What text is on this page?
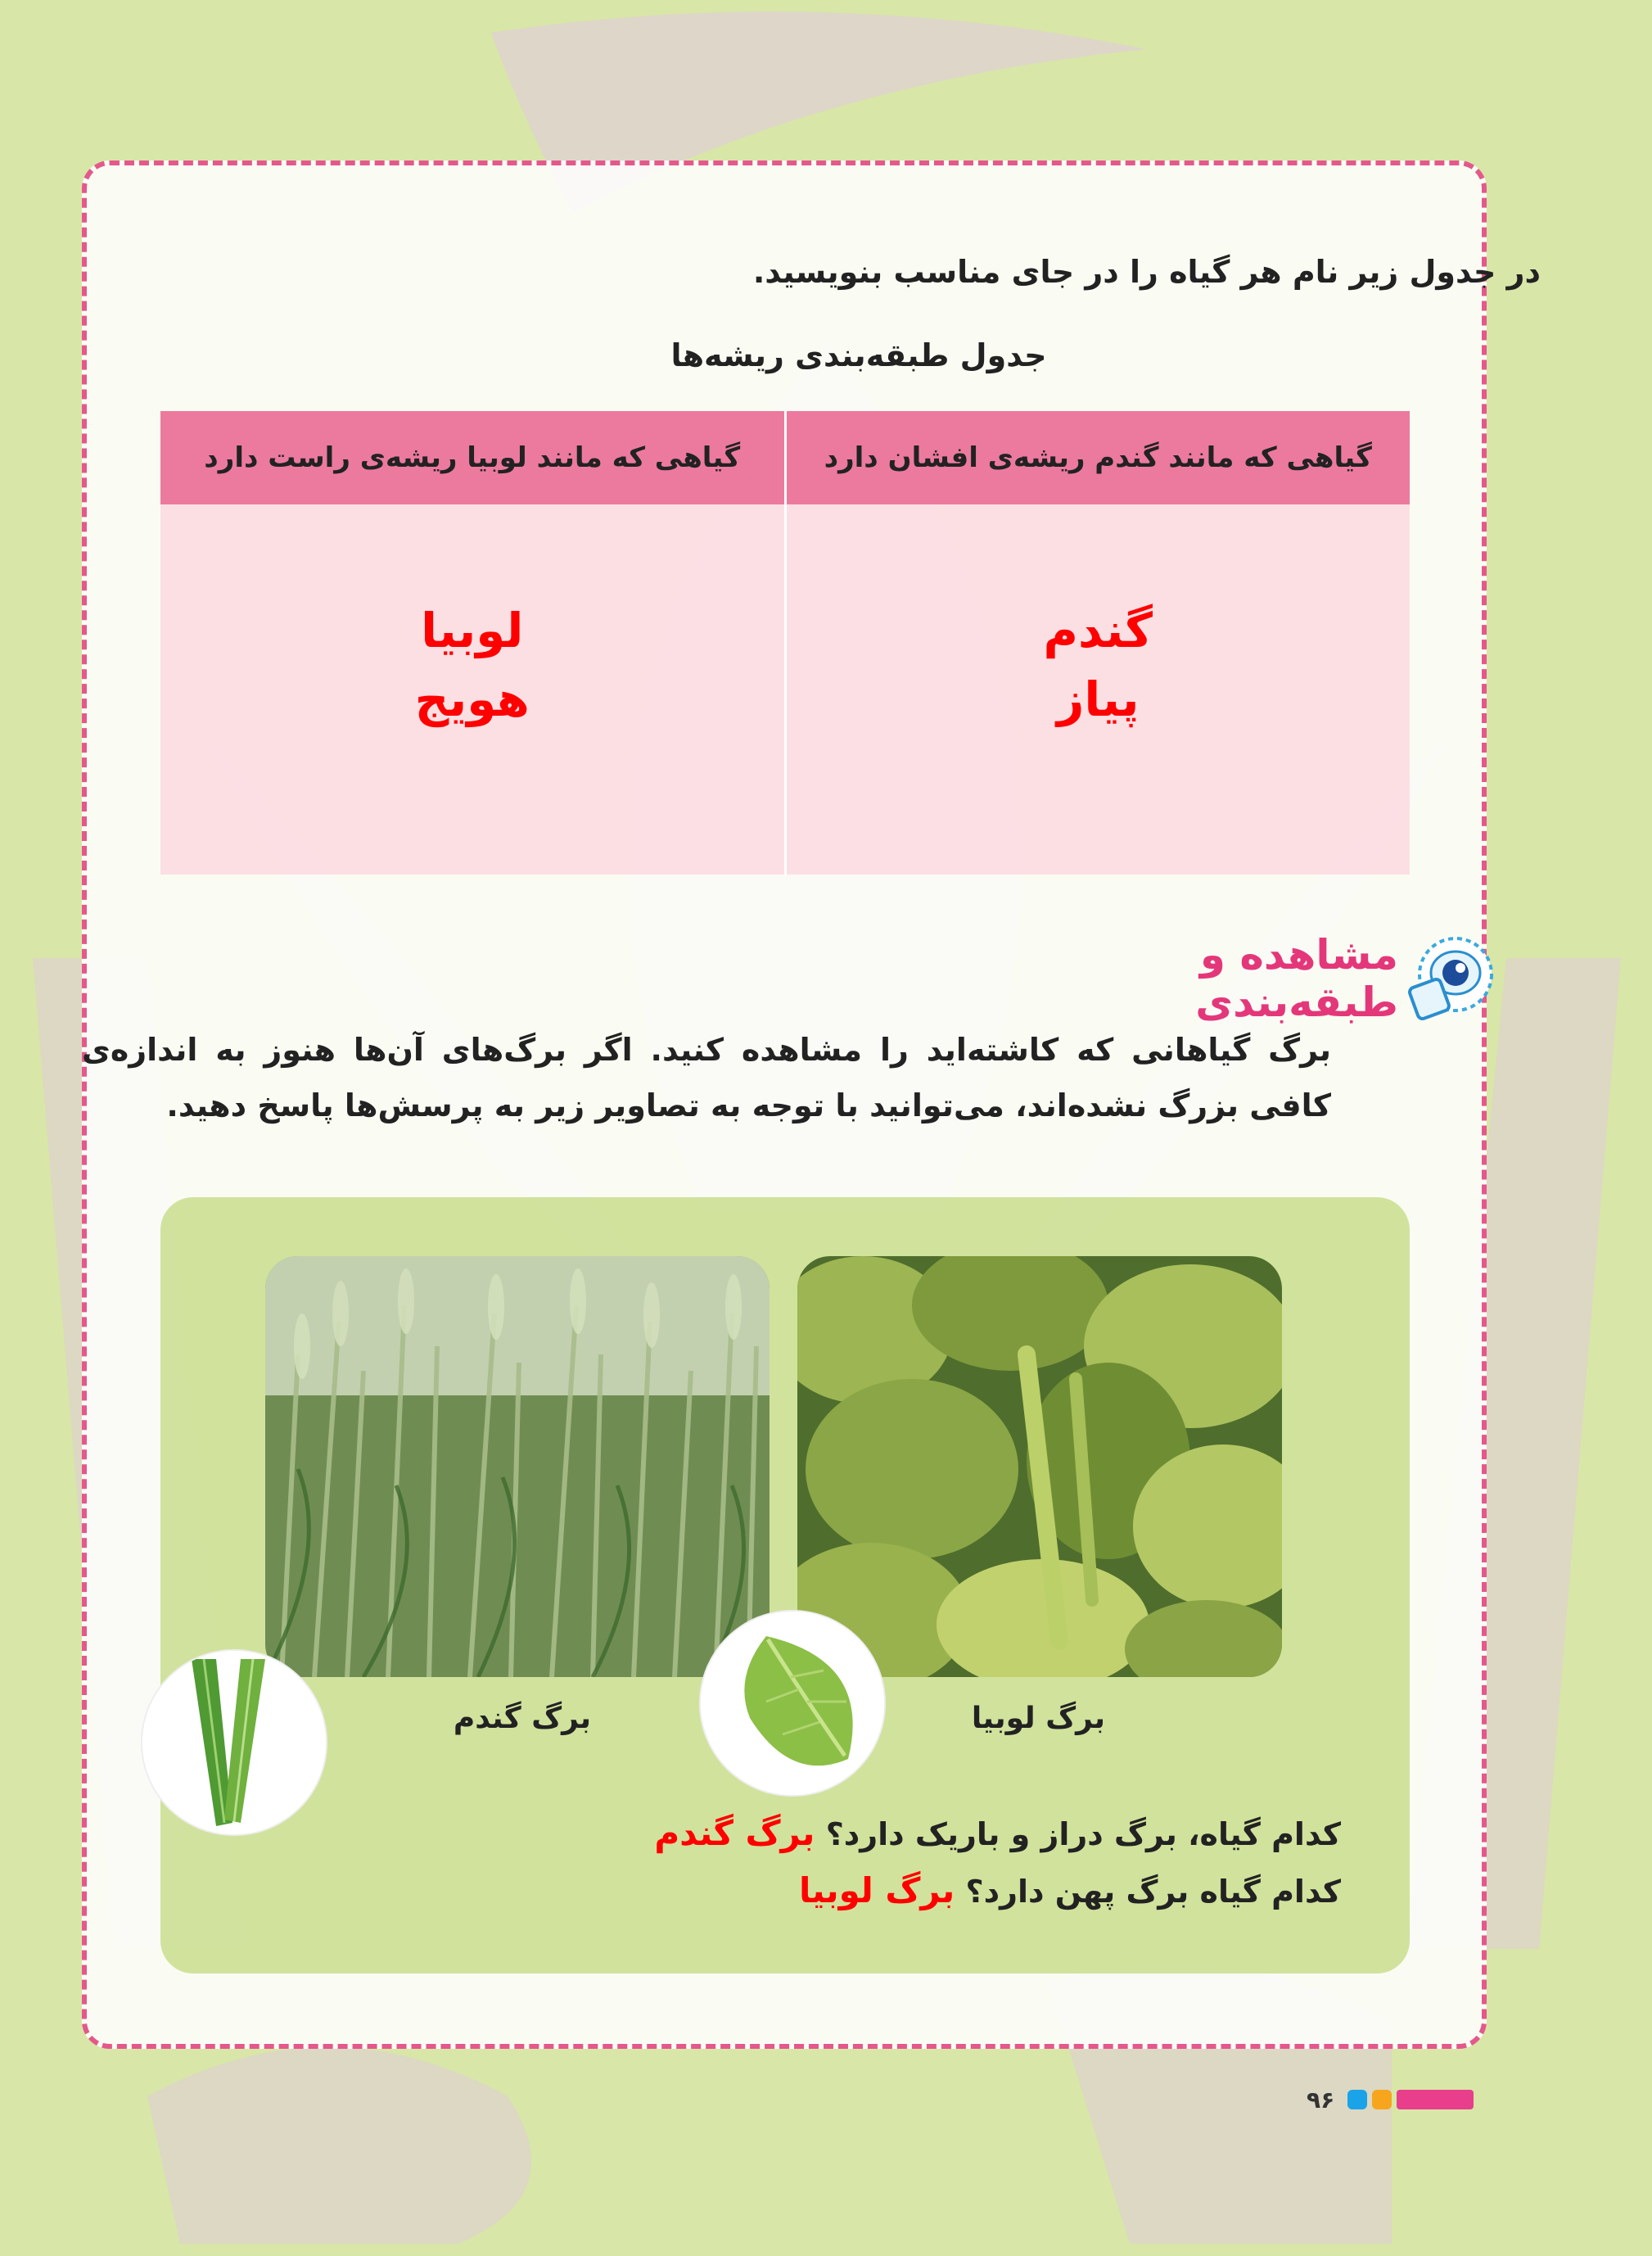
در جدول زیر نام هر گیاه را در جای مناسب بنویسید.
جدول طبقه‌بندی ریشه‌ها
گیاهی که مانند گندم ریشه‌ی افشان دارد
گندم
پیاز
گیاهی که مانند لوبیا ریشه‌ی راست دارد
لوبیا
هویج
مشاهده و طبقه‌بندی
برگ گیاهانی که کاشته‌اید را مشاهده کنید. اگر برگ‌های آن‌ها هنوز به اندازه‌ی کافی بزرگ نشده‌اند، می‌توانید با توجه به تصاویر زیر به پرسش‌ها پاسخ دهید.
برگ لوبیا
برگ گندم
کدام گیاه، برگ دراز و باریک دارد؟ برگ گندم
کدام گیاه برگ پهن دارد؟ برگ لوبیا
۹۶
